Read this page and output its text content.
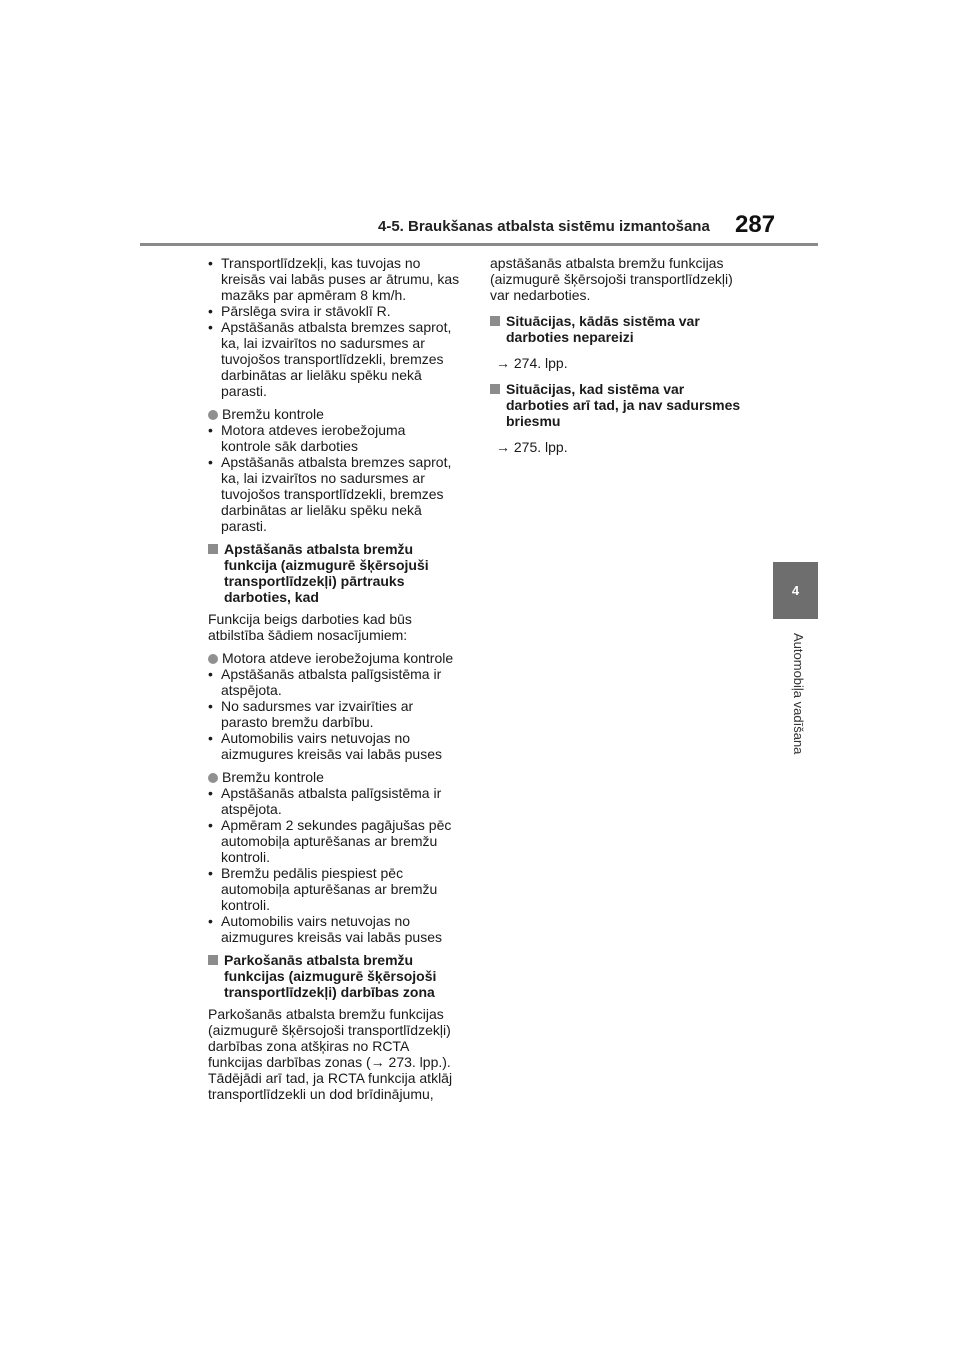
4-5. Braukšanas atbalsta sistēmu izmantošana 287
4
Automobiļa vadīšana
• Transportlīdzekļi, kas tuvojas no
kreisās vai labās puses ar ātrumu, kas
mazāks par apmēram 8 km/h.
• Pārslēga svira ir stāvoklī R.
• Apstāšanās atbalsta bremzes saprot,
ka, lai izvairītos no sadursmes ar
tuvojošos transportlīdzekli, bremzes
darbinātas ar lielāku spēku nekā
parasti.
Bremžu kontrole
• Motora atdeves ierobežojuma
kontrole sāk darboties
• Apstāšanās atbalsta bremzes saprot,
ka, lai izvairītos no sadursmes ar
tuvojošos transportlīdzekli, bremzes
darbinātas ar lielāku spēku nekā
parasti.
Apstāšanās atbalsta bremžu
funkcija (aizmugurē šķērsojuši
transportlīdzekļi) pārtrauks
darboties, kad
Funkcija beigs darboties kad būs
atbilstība šādiem nosacījumiem:
Motora atdeve ierobežojuma kontrole
• Apstāšanās atbalsta palīgsistēma ir
atspējota.
• No sadursmes var izvairīties ar
parasto bremžu darbību.
• Automobilis vairs netuvojas no
aizmugures kreisās vai labās puses
Bremžu kontrole
• Apstāšanās atbalsta palīgsistēma ir
atspējota.
• Apmēram 2 sekundes pagājušas pēc
automobiļa apturēšanas ar bremžu
kontroli.
• Bremžu pedālis piespiest pēc
automobiļa apturēšanas ar bremžu
kontroli.
• Automobilis vairs netuvojas no
aizmugures kreisās vai labās puses
Parkošanās atbalsta bremžu
funkcijas (aizmugurē šķērsojoši
transportlīdzekļi) darbības zona
Parkošanās atbalsta bremžu funkcijas
(aizmugurē šķērsojoši transportlīdzekļi)
darbības zona atšķiras no RCTA
funkcijas darbības zonas (→ 273. lpp.).
Tādējādi arī tad, ja RCTA funkcija atklāj
transportlīdzekli un dod brīdinājumu,
apstāšanās atbalsta bremžu funkcijas
(aizmugurē šķērsojoši transportlīdzekļi)
var nedarboties.
Situācijas, kādās sistēma var
darboties nepareizi
→ 274. lpp.
Situācijas, kad sistēma var
darboties arī tad, ja nav sadursmes
briesmu
→ 275. lpp.
